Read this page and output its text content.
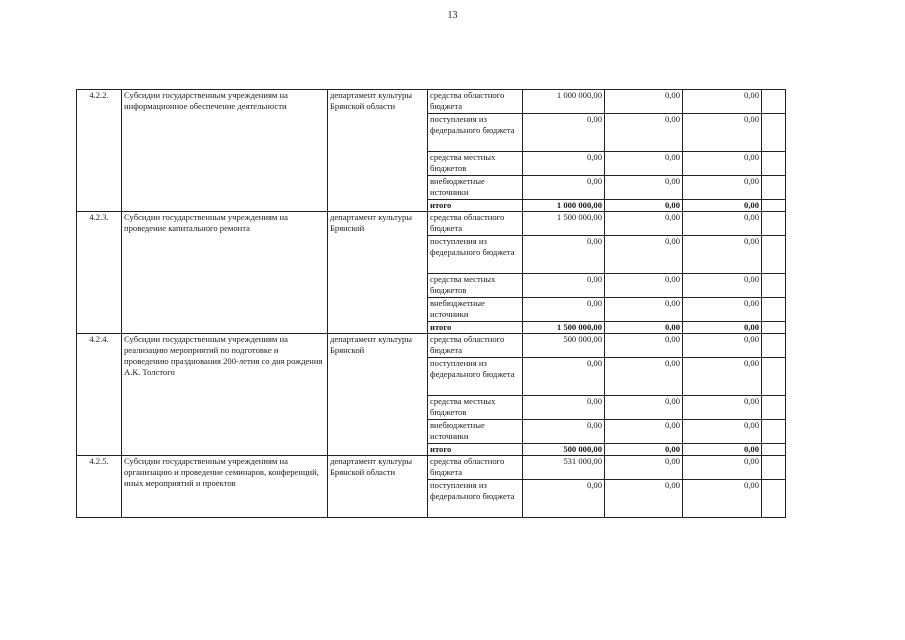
13
4.2.2.	Субсидии государственным учреждениям на информационное обеспечение деятельности	департамент культуры Брянской области	средства областного бюджета	1 000 000,00	0,00	0,00	
			поступления из федерального бюджета	0,00	0,00	0,00	
			средства местных бюджетов	0,00	0,00	0,00	
			внебюджетные источники	0,00	0,00	0,00	
			итого	1 000 000,00	0,00	0,00	
4.2.3.	Субсидии государственным учреждениям на проведение капитального ремонта	департамент культуры Брянской	средства областного бюджета	1 500 000,00	0,00	0,00	
			поступления из федерального бюджета	0,00	0,00	0,00	
			средства местных бюджетов	0,00	0,00	0,00	
			внебюджетные источники	0,00	0,00	0,00	
			итого	1 500 000,00	0,00	0,00	
4.2.4.	Субсидии государственным учреждениям на реализацию мероприятий по подготовке и проведению празднования 200-летия со дня рождения А.К. Толстого	департамент культуры Брянской	средства областного бюджета	500 000,00	0,00	0,00	
			поступления из федерального бюджета	0,00	0,00	0,00	
			средства местных бюджетов	0,00	0,00	0,00	
			внебюджетные источники	0,00	0,00	0,00	
			итого	500 000,00	0,00	0,00	
4.2.5.	Субсидии государственным учреждениям на организацию и проведение семинаров, конференций, иных мероприятий и проектов	департамент культуры Брянской области	средства областного бюджета	531 000,00	0,00	0,00	
			поступления из федерального бюджета	0,00	0,00	0,00	
